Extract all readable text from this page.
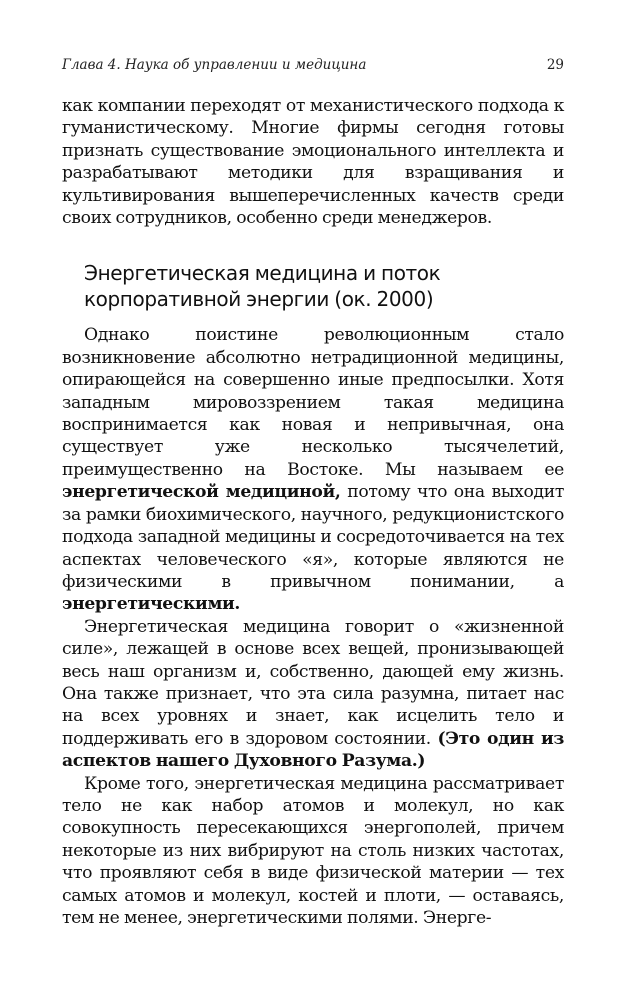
Глава 4. Наука об управлении и медицина	29

как компании переходят от механистического подхода к гуманистическому. Многие фирмы сегодня готовы признать существование эмоционального интеллекта и разрабатывают методики для взращивания и культивирования вышеперечисленных качеств среди своих сотрудников, особенно среди менеджеров.

Энергетическая медицина и поток
корпоративной энергии (ок. 2000)

Однако поистине революционным стало возникновение абсолютно нетрадиционной медицины, опирающейся на совершенно иные предпосылки. Хотя западным мировоззрением такая медицина воспринимается как новая и непривычная, она существует уже несколько тысячелетий, преимущественно на Востоке. Мы называем ее энергетической медициной, потому что она выходит за рамки биохимического, научного, редукционистского подхода западной медицины и сосредоточивается на тех аспектах человеческого «я», которые являются не физическими в привычном понимании, а энергетическими.

Энергетическая медицина говорит о «жизненной силе», лежащей в основе всех вещей, пронизывающей весь наш организм и, собственно, дающей ему жизнь. Она также признает, что эта сила разумна, питает нас на всех уровнях и знает, как исцелить тело и поддерживать его в здоровом состоянии. (Это один из аспектов нашего Духовного Разума.)

Кроме того, энергетическая медицина рассматривает тело не как набор атомов и молекул, но как совокупность пересекающихся энергополей, причем некоторые из них вибрируют на столь низких частотах, что проявляют себя в виде физической материи — тех самых атомов и молекул, костей и плоти, — оставаясь, тем не менее, энергетическими полями. Энерге-
